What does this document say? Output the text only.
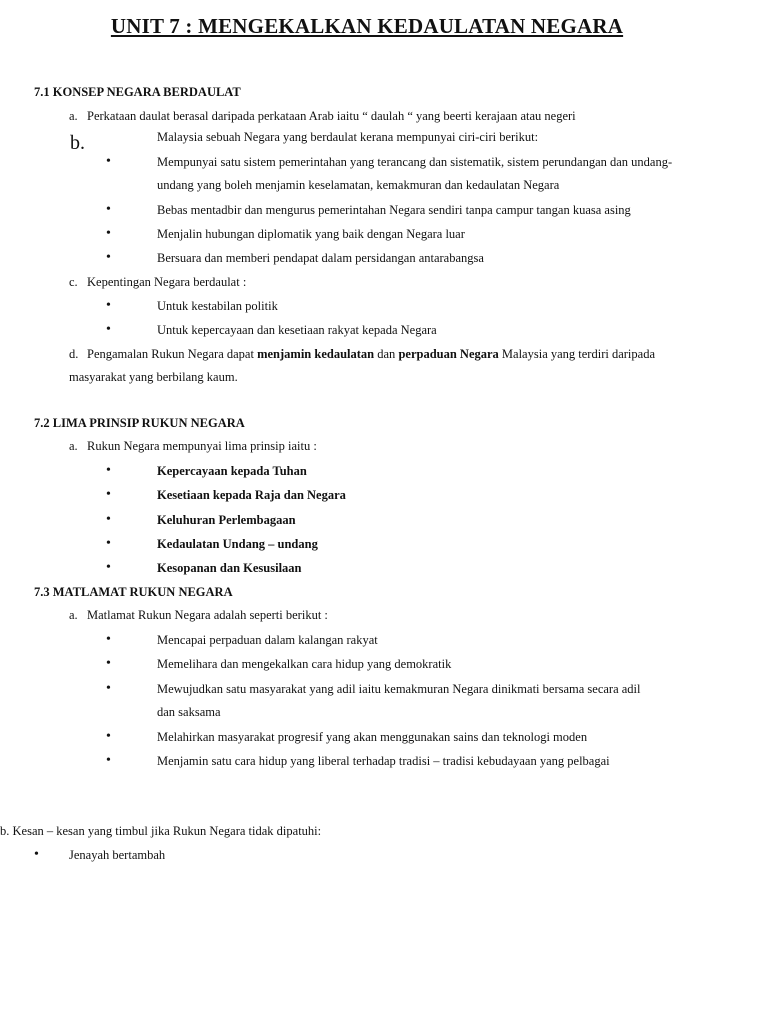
UNIT 7 : MENGEKALKAN KEDAULATAN NEGARA
7.1 KONSEP NEGARA BERDAULAT
a. Perkataan daulat berasal daripada perkataan Arab iaitu “ daulah “ yang beerti kerajaan atau negeri
b.	Malaysia sebuah Negara yang berdaulat kerana mempunyai ciri-ciri berikut:
•	Mempunyai satu sistem pemerintahan yang terancang dan sistematik, sistem perundangan dan undang-
undang yang boleh menjamin keselamatan, kemakmuran dan kedaulatan Negara
•	Bebas mentadbir dan mengurus pemerintahan Negara sendiri tanpa campur tangan kuasa asing
•	Menjalin hubungan diplomatik yang baik dengan Negara luar
•	Bersuara dan memberi pendapat dalam persidangan antarabangsa
c. Kepentingan Negara berdaulat :
•	Untuk kestabilan politik
•	Untuk kepercayaan dan kesetiaan rakyat kepada Negara
d. Pengamalan Rukun Negara dapat menjamin kedaulatan dan perpaduan Negara Malaysia yang terdiri daripada
masyarakat yang berbilang kaum.
7.2 LIMA PRINSIP RUKUN NEGARA
a. Rukun Negara mempunyai lima prinsip iaitu :
•	Kepercayaan kepada Tuhan
•	Kesetiaan kepada Raja dan Negara
•	Keluhuran Perlembagaan
•	Kedaulatan Undang – undang
•	Kesopanan dan Kesusilaan
7.3 MATLAMAT RUKUN NEGARA
a. Matlamat Rukun Negara adalah seperti berikut :
•	Mencapai perpaduan dalam kalangan rakyat
•	Memelihara dan mengekalkan cara hidup yang demokratik
•	Mewujudkan satu masyarakat yang adil iaitu kemakmuran Negara dinikmati bersama secara adil
dan saksama
•	Melahirkan masyarakat progresif yang akan menggunakan sains dan teknologi moden
•	Menjamin satu cara hidup yang liberal terhadap tradisi – tradisi kebudayaan yang pelbagai
b. Kesan – kesan yang timbul jika Rukun Negara tidak dipatuhi:
• Jenayah bertambah
